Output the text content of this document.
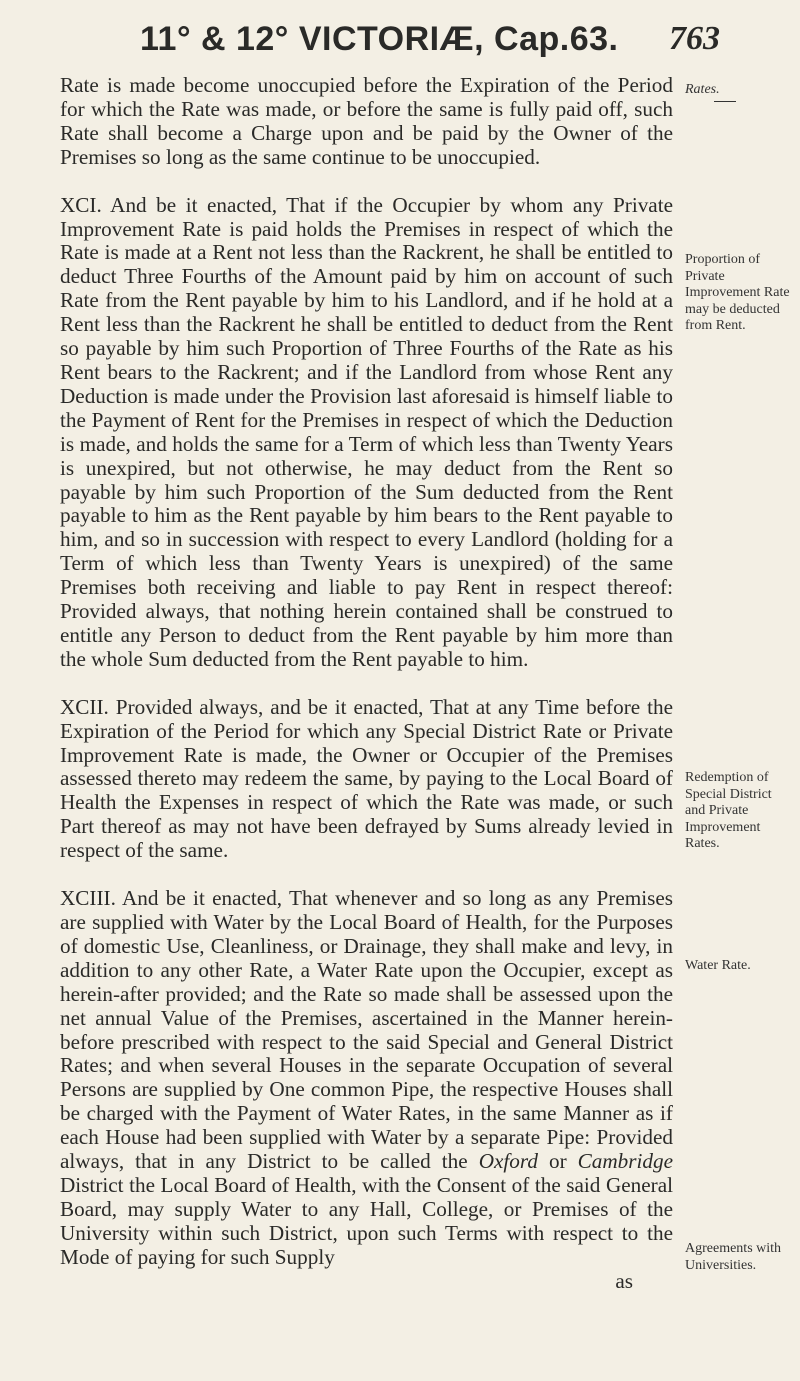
11° & 12° VICTORIÆ, Cap.63. 763

Rate is made become unoccupied before the Expiration of the Period for which the Rate was made, or before the same is fully paid off, such Rate shall become a Charge upon and be paid by the Owner of the Premises so long as the same continue to be unoccupied.

XCI. And be it enacted, That if the Occupier by whom any Private Improvement Rate is paid holds the Premises in respect of which the Rate is made at a Rent not less than the Rackrent, he shall be entitled to deduct Three Fourths of the Amount paid by him on account of such Rate from the Rent payable by him to his Landlord, and if he hold at a Rent less than the Rackrent he shall be entitled to deduct from the Rent so payable by him such Proportion of Three Fourths of the Rate as his Rent bears to the Rackrent; and if the Landlord from whose Rent any Deduction is made under the Provision last aforesaid is himself liable to the Payment of Rent for the Premises in respect of which the Deduction is made, and holds the same for a Term of which less than Twenty Years is unexpired, but not otherwise, he may deduct from the Rent so payable by him such Proportion of the Sum deducted from the Rent payable to him as the Rent payable by him bears to the Rent payable to him, and so in succession with respect to every Landlord (holding for a Term of which less than Twenty Years is unexpired) of the same Premises both receiving and liable to pay Rent in respect thereof: Provided always, that nothing herein contained shall be construed to entitle any Person to deduct from the Rent payable by him more than the whole Sum deducted from the Rent payable to him.

XCII. Provided always, and be it enacted, That at any Time before the Expiration of the Period for which any Special District Rate or Private Improvement Rate is made, the Owner or Occupier of the Premises assessed thereto may redeem the same, by paying to the Local Board of Health the Expenses in respect of which the Rate was made, or such Part thereof as may not have been defrayed by Sums already levied in respect of the same.

XCIII. And be it enacted, That whenever and so long as any Premises are supplied with Water by the Local Board of Health, for the Purposes of domestic Use, Cleanliness, or Drainage, they shall make and levy, in addition to any other Rate, a Water Rate upon the Occupier, except as herein-after provided; and the Rate so made shall be assessed upon the net annual Value of the Premises, ascertained in the Manner herein-before prescribed with respect to the said Special and General District Rates; and when several Houses in the separate Occupation of several Persons are supplied by One common Pipe, the respective Houses shall be charged with the Payment of Water Rates, in the same Manner as if each House had been supplied with Water by a separate Pipe: Provided always, that in any District to be called the Oxford or Cambridge District the Local Board of Health, with the Consent of the said General Board, may supply Water to any Hall, College, or Premises of the University within such District, upon such Terms with respect to the Mode of paying for such Supply

as
Rates.
Proportion of Private Improvement Rate may be deducted from Rent.
Redemption of Special District and Private Improvement Rates.
Water Rate.
Agreements with Universities.
